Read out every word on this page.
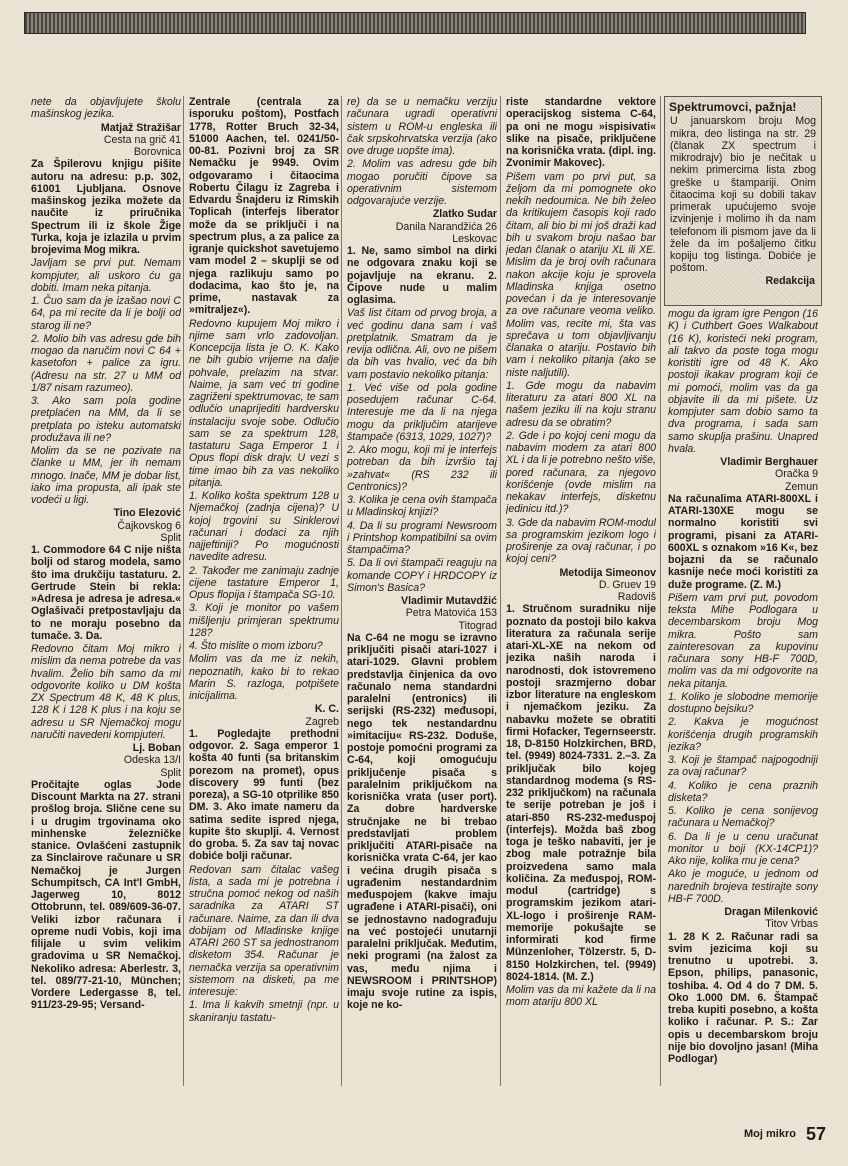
nete da objavljujete školu mašinskog jezika.

Matjaž Stražišar

Cesta na grič 41

Borovnica

Za Špilerovu knjigu pišite autoru na adresu: p.p. 302, 61001 Ljubljana. Osnove mašinskog jezika možete da naučite iz priručnika Spectrum ili iz škole Žige Turka, koja je izlazila u prvim brojevima Mog mikra.

Javljam se prvi put. Nemam kompjuter, ali uskoro ću ga dobiti. Imam neka pitanja.

1. Čuo sam da je izašao novi C 64, pa mi recite da li je bolji od starog ili ne?

2. Molio bih vas adresu gde bih mogao da naručim novi C 64 + kasetofon + palice za igru. (Adresu na str. 27 u MM od 1/87 nisam razumeo).

3. Ako sam pola godine pretplaćen na MM, da li se pretplata po isteku automatski produžava ili ne?

Molim da se ne pozivate na članke u MM, jer ih nemam mnogo. Inače, MM je dobar list, iako ima propusta, ali ipak ste vodeći u ligi.

Tino Elezović

Čajkovskog 6

Split

1. Commodore 64 C nije ništa bolji od starog modela, samo što ima drukčiju tastaturu. 2. Gertrude Stein bi rekla: »Adresa je adresa je adresa.« Oglašivači pretpostavljaju da to ne moraju posebno da tumače. 3. Da.

Redovno čitam Moj mikro i mislim da nema potrebe da vas hvalim. Želio bih samo da mi odgovorite koliko u DM košta ZX Spectrum 48 K, 48 K plus, 128 K i 128 K plus i na koju se adresu u SR Njemačkoj mogu naručiti navedeni kompjuteri.

Lj. Boban

Odeska 13/I

Split

Pročitajte oglas Jode Discount Markta na 27. strani prošlog broja. Slične cene su i u drugim trgovinama oko minhenske železničke stanice. Ovlašćeni zastupnik za Sinclairove računare u SR Nemačkoj je Jurgen Schumpitsch, CA Int'l GmbH, Jagerweg 10, 8012 Ottobrunn, tel. 089/609-36-07. Veliki izbor računara i opreme nudi Vobis, koji ima filijale u svim velikim gradovima u SR Nemačkoj. Nekoliko adresa: Aberlestr. 3, tel. 089/77-21-10, München; Vordere Ledergasse 8, tel. 911/23-29-95; Versand-

Zentrale (centrala za isporuku poštom), Postfach 1778, Rotter Bruch 32-34, 51000 Aachen, tel. 0241/50-00-81. Pozivni broj za SR Nemačku je 9949. Ovim odgovaramo i čitaocima Robertu Čilagu iz Zagreba i Edvardu Šnajderu iz Rimskih Toplicah (interfejs liberator može da se priključi i na spectrum plus, a za palice za igranje quickshot savetujemo vam model 2 – skuplji se od njega razlikuju samo po dodacima, kao što je, na prime, nastavak za »mitraljez«).

Redovno kupujem Moj mikro i njime sam vrlo zadovoljan. Koncepcija lista je O. K. Kako ne bih gubio vrijeme na dalje pohvale, prelazim na stvar. Naime, ja sam već tri godine zagriženi spektrumovac, te sam odlučio unaprijediti hardversku instalaciju svoje sobe. Odlučio sam se za spektrum 128, tastaturu Saga Emperor 1 i Opus flopi disk drajv. U vezi s time imao bih za vas nekoliko pitanja.

1. Koliko košta spektrum 128 u Njemačkoj (zadnja cijena)? U kojoj trgovini su Sinklerovi računari i dodaci za njih najjeftiniji? Po mogućnosti navedite adresu.

2. Također me zanimaju zadnje cijene tastature Emperor 1, Opus flopija i štampača SG-10.

3. Koji je monitor po vašem mišljenju primjeran spektrumu 128?

4. Što mislite o mom izboru?

Molim vas da me iz nekih, nepoznatih, kako bi to rekao Marin S. razloga, potpišete inicijalima.

K. C.

Zagreb

1. Pogledajte prethodni odgovor. 2. Saga emperor 1 košta 40 funti (sa britanskim porezom na promet), opus discovery 99 funti (bez poreza), a SG-10 otprilike 850 DM. 3. Ako imate nameru da satima sedite ispred njega, kupite što skuplji. 4. Vernost do groba. 5. Za sav taj novac dobiće bolji računar.

Redovan sam čitalac vašeg lista, a sada mi je potrebna i stručna pomoć nekog od naših saradnika za ATARI ST računare. Naime, za dan ili dva dobijam od Mladinske knjige ATARI 260 ST sa jednostranom disketom 354. Računar je nemačka verzija sa operativnim sistemom na disketi, pa me interesuje:

1. Ima li kakvih smetnji (npr. u skaniranju tastatu-

re) da se u nemačku verziju računara ugradi operativni sistem u ROM-u engleska ili čak srpskohrvatska verzija (ako ove druge uopšte ima).

2. Molim vas adresu gde bih mogao poručiti čipove sa operativnim sistemom odgovarajuće verzije.

Zlatko Sudar

Danila Narandžića 26

Leskovac

1. Ne, samo simbol na dirki ne odgovara znaku koji se pojavljuje na ekranu. 2. Čipove nude u malim oglasima.

Vaš list čitam od prvog broja, a već godinu dana sam i vaš pretplatnik. Smatram da je revija odlična. Ali, ovo ne pišem da bih vas hvalio, već da bih vam postavio nekoliko pitanja:

1. Već više od pola godine posedujem računar C-64. Interesuje me da li na njega mogu da priključim atarijeve štampače (6313, 1029, 1027)?

2. Ako mogu, koji mi je interfejs potreban da bih izvršio taj »zahvat« (RS 232 ili Centronics)?

3. Kolika je cena ovih štampača u Mladinskoj knjizi?

4. Da li su programi Newsroom i Printshop kompatibilni sa ovim štampačima?

5. Da li ovi štampači reaguju na komande COPY i HRDCOPY iz Simon's Basica?

Vladimir Mutavdžić

Petra Matovića 153

Titograd

Na C-64 ne mogu se izravno priključiti pisači atari-1027 i atari-1029. Glavni problem predstavlja činjenica da ovo računalo nema standardni paralelni (entronics) ili serijski (RS-232) međusopi, nego tek nestandardnu »imitaciju« RS-232. Doduše, postoje pomoćni programi za C-64, koji omogućuju priključenje pisača s paralelnim priključkom na korisnička vrata (user port). Za dobre hardverske stručnjake ne bi trebao predstavljati problem priključiti ATARI-pisače na korisnička vrata C-64, jer kao i većina drugih pisača s ugrađenim nestandardnim međuspojem (kakve imaju ugrađene i ATARI-pisači), oni se jednostavno nadograđuju na već postojeći unutarnji paralelni priključak. Međutim, neki programi (na žalost za vas, među njima i NEWSROOM i PRINTSHOP) imaju svoje rutine za ispis, koje ne ko-

riste standardne vektore operacijskog sistema C-64, pa oni ne mogu »ispisivati« slike na pisače, priključene na korisnička vrata. (dipl. ing. Zvonimir Makovec).

Pišem vam po prvi put, sa željom da mi pomognete oko nekih nedoumica. Ne bih želeo da kritikujem časopis koji rado čitam, ali bio bi mi još draži kad bih u svakom broju našao bar jedan članak o atariju XL ili XE. Mislim da je broj ovih računara nakon akcije koju je sprovela Mladinska knjiga osetno povećan i da je interesovanje za ove računare veoma veliko. Molim vas, recite mi, šta vas sprečava u tom objavljivanju članaka o atariju. Postavio bih vam i nekoliko pitanja (ako se niste naljutili).

1. Gde mogu da nabavim literaturu za atari 800 XL na našem jeziku ili na koju stranu adresu da se obratim?

2. Gde i po kojoj ceni mogu da nabavim modem za atari 800 XL i da li je potrebno nešto više, pored računara, za njegovo korišćenje (ovde mislim na nekakav interfejs, disketnu jedinicu itd.)?

3. Gde da nabavim ROM-modul sa programskim jezikom logo i proširenje za ovaj računar, i po kojoj ceni?

Metodija Simeonov

D. Gruev 19

Radoviš

1. Stručnom suradniku nije poznato da postoji bilo kakva literatura za računala serije atari-XL-XE na nekom od jezika naših naroda i narodnosti, dok istovremeno postoji srazmjerno dobar izbor literature na engleskom i njemačkom jeziku. Za nabavku možete se obratiti firmi Hofacker, Tegernseerstr. 18, D-8150 Holzkirchen, BRD, tel. (9949) 8024-7331. 2.–3. Za priključak bilo kojeg standardnog modema (s RS-232 priključkom) na računala te serije potreban je još i atari-850 RS-232-međuspoj (interfejs). Možda baš zbog toga je teško nabaviti, jer je zbog male potražnje bila proizvedena samo mala količina. Za međuspoj, ROM-modul (cartridge) s programskim jezikom atari-XL-logo i proširenje RAM-memorije pokušajte se informirati kod firme Münzenloher, Tölzerstr. 5, D-8150 Holzkirchen, tel. (9949) 8024-1814. (M. Z.)

Molim vas da mi kažete da li na mom atariju 800 XL

Spektrumovci, pažnja!
U januarskom broju Mog mikra, deo listinga na str. 29 (članak ZX spectrum i mikrodrajv) bio je nečitak u nekim primercima lista zbog greške u štampariji. Onim čitaocima koji su dobili takav primerak upućujemo svoje izvinjenje i molimo ih da nam telefonom ili pismom jave da li žele da im pošaljemo čitku kopiju tog listinga. Dobiće je poštom.
Redakcija

mogu da igram igre Pengon (16 K) i Cuthbert Goes Walkabout (16 K), koristeći neki program, ali takvo da poste toga mogu koristiti igre od 48 K. Ako postoji ikakav program koji će mi pomoći, molim vas da ga objavite ili da mi pišete. Uz kompjuter sam dobio samo ta dva programa, i sada sam samo skuplja prašinu. Unapred hvala.

Vladimir Berghauer

Oračka 9

Zemun

Na računalima ATARI-800XL i ATARI-130XE mogu se normalno koristiti svi programi, pisani za ATARI-600XL s oznakom »16 K«, bez bojazni da se računalo kasnije neće moći koristiti za duže programe. (Z. M.)

Pišem vam prvi put, povodom teksta Mihe Podlogara u decembarskom broju Mog mikra. Pošto sam zainteresovan za kupovinu računara sony HB-F 700D, molim vas da mi odgovorite na neka pitanja.

1. Koliko je slobodne memorije dostupno bejsiku?

2. Kakva je mogućnost korišćenja drugih programskih jezika?

3. Koji je štampač najpogodniji za ovaj računar?

4. Koliko je cena praznih disketa?

5. Koliko je cena sonijevog računara u Nemačkoj?

6. Da li je u cenu uračunat monitor u boji (KX-14CP1)? Ako nije, kolika mu je cena?

Ako je moguće, u jednom od narednih brojeva testirajte sony HB-F 700D.

Dragan Milenković

Titov Vrbas

1. 28 K 2. Računar radi sa svim jezicima koji su trenutno u upotrebi. 3. Epson, philips, panasonic, toshiba. 4. Od 4 do 7 DM. 5. Oko 1.000 DM. 6. Štampač treba kupiti posebno, a koštа koliko i računar. P. S.: Zar opis u decembarskom broju nije bio dovoljno jasan! (Miha Podlogar)

Moj mikro 57
